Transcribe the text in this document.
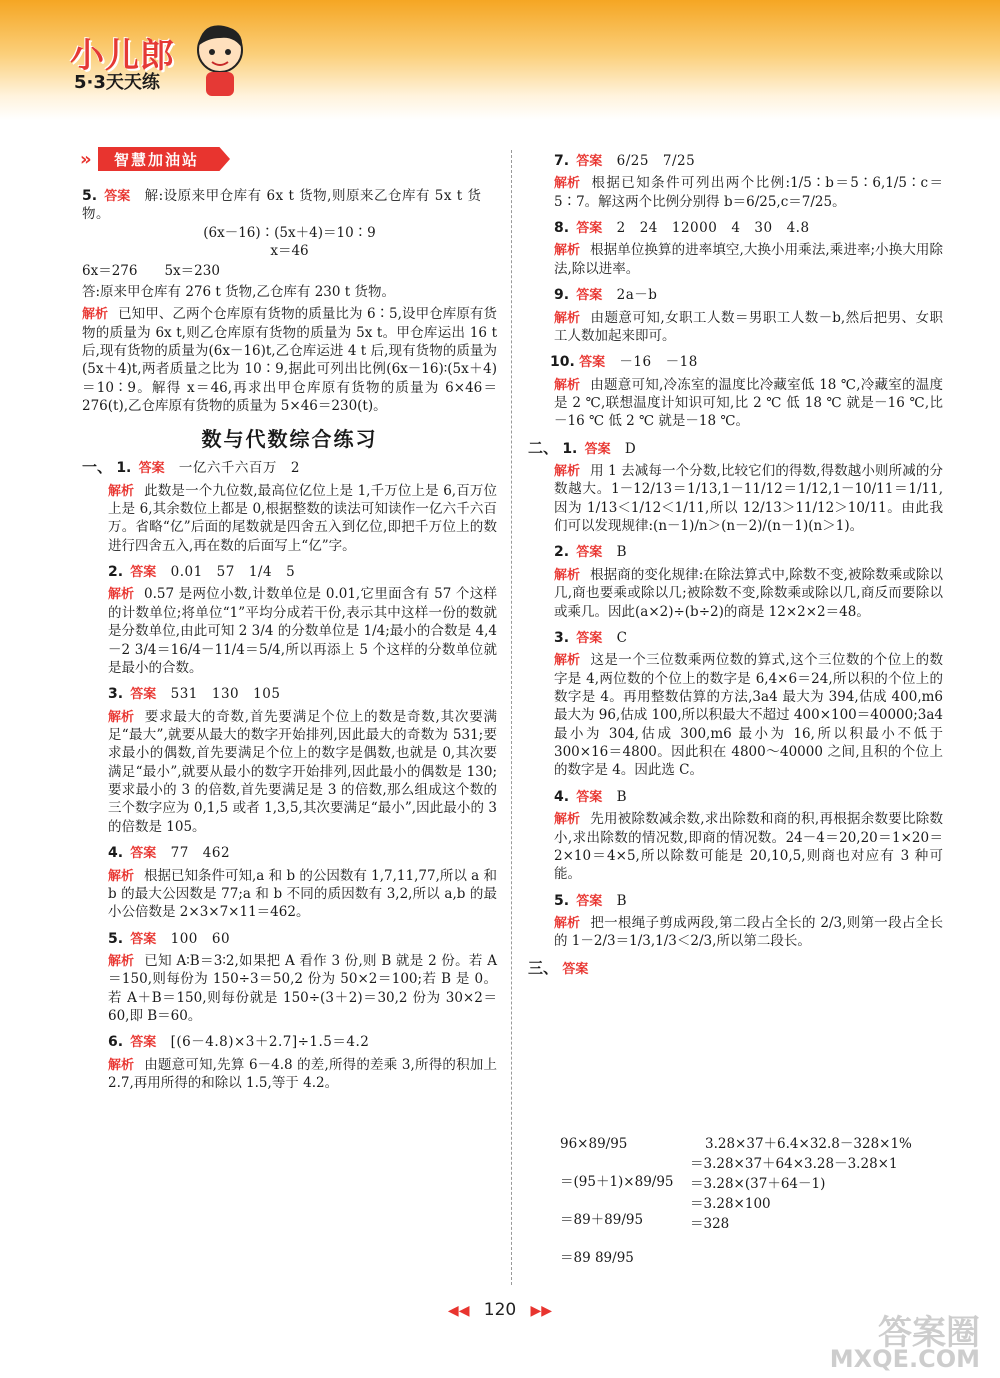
小儿郎
5·3天天练
» 智慧加油站
5. 答案 解:设原来甲仓库有 6x t 货物,则原来乙仓库有 5x t 货物。
(6x－16)∶(5x＋4)＝10∶9
x＝46
6x＝276　　5x＝230
答:原来甲仓库有 276 t 货物,乙仓库有 230 t 货物。
解析 已知甲、乙两个仓库原有货物的质量比为 6∶5,设甲仓库原有货物的质量为 6x t,则乙仓库原有货物的质量为 5x t。甲仓库运出 16 t 后,现有货物的质量为(6x－16)t,乙仓库运进 4 t 后,现有货物的质量为(5x＋4)t,两者质量之比为 10∶9,据此可列出比例(6x－16)∶(5x＋4)＝10∶9。解得 x＝46,再求出甲仓库原有货物的质量为 6×46＝276(t),乙仓库原有货物的质量为 5×46＝230(t)。
数与代数综合练习
一、 1. 答案 一亿六千六百万　2
解析 此数是一个九位数,最高位亿位上是 1,千万位上是 6,百万位上是 6,其余数位上都是 0,根据整数的读法可知读作一亿六千六百万。省略“亿”后面的尾数就是四舍五入到亿位,即把千万位上的数进行四舍五入,再在数的后面写上“亿”字。
2. 答案 0.01　57　1/4　5
解析 0.57 是两位小数,计数单位是 0.01,它里面含有 57 个这样的计数单位;将单位“1”平均分成若干份,表示其中这样一份的数就是分数单位,由此可知 2 3/4 的分数单位是 1/4;最小的合数是 4,4－2 3/4＝16/4－11/4＝5/4,所以再添上 5 个这样的分数单位就是最小的合数。
3. 答案 531　130　105
解析 要求最大的奇数,首先要满足个位上的数是奇数,其次要满足“最大”,就要从最大的数字开始排列,因此最大的奇数为 531;要求最小的偶数,首先要满足个位上的数字是偶数,也就是 0,其次要满足“最小”,就要从最小的数字开始排列,因此最小的偶数是 130;要求最小的 3 的倍数,首先要满足是 3 的倍数,那么组成这个数的三个数字应为 0,1,5 或者 1,3,5,其次要满足“最小”,因此最小的 3 的倍数是 105。
4. 答案 77　462
解析 根据已知条件可知,a 和 b 的公因数有 1,7,11,77,所以 a 和 b 的最大公因数是 77;a 和 b 不同的质因数有 3,2,所以 a,b 的最小公倍数是 2×3×7×11＝462。
5. 答案 100　60
解析 已知 A∶B＝3∶2,如果把 A 看作 3 份,则 B 就是 2 份。若 A＝150,则每份为 150÷3＝50,2 份为 50×2＝100;若 B 是 0。若 A＋B＝150,则每份就是 150÷(3＋2)＝30,2 份为 30×2＝60,即 B＝60。
6. 答案 [(6－4.8)×3＋2.7]÷1.5＝4.2
解析 由题意可知,先算 6－4.8 的差,所得的差乘 3,所得的积加上 2.7,再用所得的和除以 1.5,等于 4.2。
7. 答案 6/25　7/25
解析 根据已知条件可列出两个比例:1/5∶b＝5∶6,1/5∶c＝5∶7。解这两个比例分别得 b＝6/25,c＝7/25。
8. 答案 2　24　12000　4　30　4.8
解析 根据单位换算的进率填空,大换小用乘法,乘进率;小换大用除法,除以进率。
9. 答案 2a－b
解析 由题意可知,女职工人数＝男职工人数－b,然后把男、女职工人数加起来即可。
10. 答案 －16　－18
解析 由题意可知,冷冻室的温度比冷藏室低 18 ℃,冷藏室的温度是 2 ℃,联想温度计知识可知,比 2 ℃ 低 18 ℃ 就是－16 ℃,比－16 ℃ 低 2 ℃ 就是－18 ℃。
二、 1. 答案 D
解析 用 1 去减每一个分数,比较它们的得数,得数越小则所减的分数越大。1－12/13＝1/13,1－11/12＝1/12,1－10/11＝1/11,因为 1/13＜1/12＜1/11,所以 12/13＞11/12＞10/11。由此我们可以发现规律:(n－1)/n＞(n－2)/(n－1)(n＞1)。
2. 答案 B
解析 根据商的变化规律:在除法算式中,除数不变,被除数乘或除以几,商也要乘或除以几;被除数不变,除数乘或除以几,商反而要除以或乘几。因此(a×2)÷(b÷2)的商是 12×2×2＝48。
3. 答案 C
解析 这是一个三位数乘两位数的算式,这个三位数的个位上的数字是 4,两位数的个位上的数字是 6,4×6＝24,所以积的个位上的数字是 4。再用整数估算的方法,3a4 最大为 394,估成 400,m6 最大为 96,估成 100,所以积最大不超过 400×100＝40000;3a4 最小为 304,估成 300,m6 最小为 16,所以积最小不低于 300×16＝4800。因此积在 4800～40000 之间,且积的个位上的数字是 4。因此选 C。
4. 答案 B
解析 先用被除数减余数,求出除数和商的积,再根据余数要比除数小,求出除数的情况数,即商的情况数。24－4＝20,20＝1×20＝2×10＝4×5,所以除数可能是 20,10,5,则商也对应有 3 种可能。
5. 答案 B
解析 把一根绳子剪成两段,第二段占全长的 2/3,则第一段占全长的 1－2/3＝1/3,1/3＜2/3,所以第二段长。
三、 答案
96×89/95
＝(95＋1)×89/95
＝89＋89/95
＝89 89/95
3.28×37＋6.4×32.8－328×1%
＝3.28×37＋64×3.28－3.28×1
＝3.28×(37＋64－1)
＝3.28×100
＝328
◀◀ 120 ▶▶
答案圈
MXQE.COM
